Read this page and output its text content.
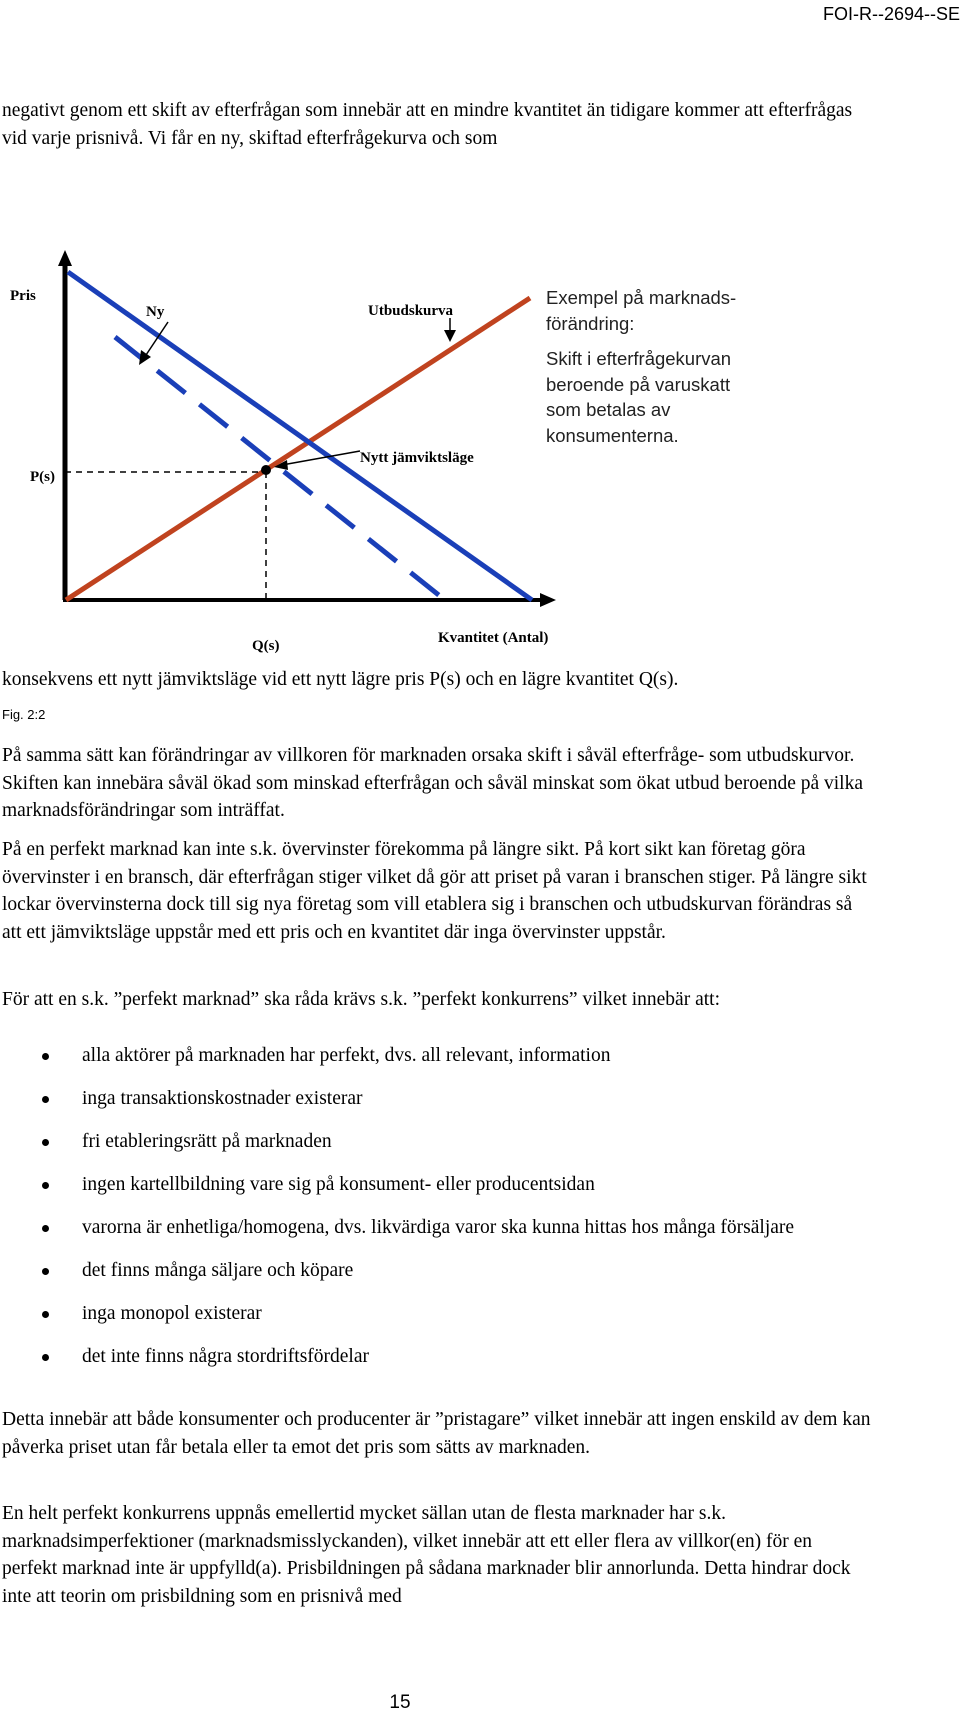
FOI-R--2694--SE

negativt genom ett skift av efterfrågan som innebär att en mindre kvantitet än tidigare kommer att efterfrågas vid varje prisnivå. Vi får en ny, skiftad efterfrågekurva och som

Pris
P(s)
Ny	Utbudskurva
Nytt jämviktsläge
Q(s)	Kvantitet (Antal)

Exempel på marknads-förändring:

Skift i efterfrågekurvan beroende på varuskatt som betalas av konsumenterna.

konsekvens ett nytt jämviktsläge vid ett nytt lägre pris P(s) och en lägre kvantitet Q(s).

Fig. 2:2

På samma sätt kan förändringar av villkoren för marknaden orsaka skift i såväl efterfråge- som utbudskurvor. Skiften kan innebära såväl ökad som minskad efterfrågan och såväl minskat som ökat utbud beroende på vilka marknadsförändringar som inträffat.

På en perfekt marknad kan inte s.k. övervinster förekomma på längre sikt. På kort sikt kan företag göra övervinster i en bransch, där efterfrågan stiger vilket då gör att priset på varan i branschen stiger. På längre sikt lockar övervinsterna dock till sig nya företag som vill etablera sig i branschen och utbudskurvan förändras så att ett jämviktsläge uppstår med ett pris och en kvantitet där inga övervinster uppstår.

För att en s.k. ”perfekt marknad” ska råda krävs s.k. ”perfekt konkurrens” vilket innebär att:

alla aktörer på marknaden har perfekt, dvs. all relevant, information
inga transaktionskostnader existerar
fri etableringsrätt på marknaden
ingen kartellbildning vare sig på konsument- eller producentsidan
varorna är enhetliga/homogena, dvs. likvärdiga varor ska kunna hittas hos många försäljare
det finns många säljare och köpare
inga monopol existerar
det inte finns några stordriftsfördelar

Detta innebär att både konsumenter och producenter är ”pristagare” vilket innebär att ingen enskild av dem kan påverka priset utan får betala eller ta emot det pris som sätts av marknaden.

En helt perfekt konkurrens uppnås emellertid mycket sällan utan de flesta marknader har s.k. marknadsimperfektioner (marknadsmisslyckanden), vilket innebär att ett eller flera av villkor(en) för en perfekt marknad inte är uppfylld(a). Prisbildningen på sådana marknader blir annorlunda. Detta hindrar dock inte att teorin om prisbildning som en prisnivå med

15
